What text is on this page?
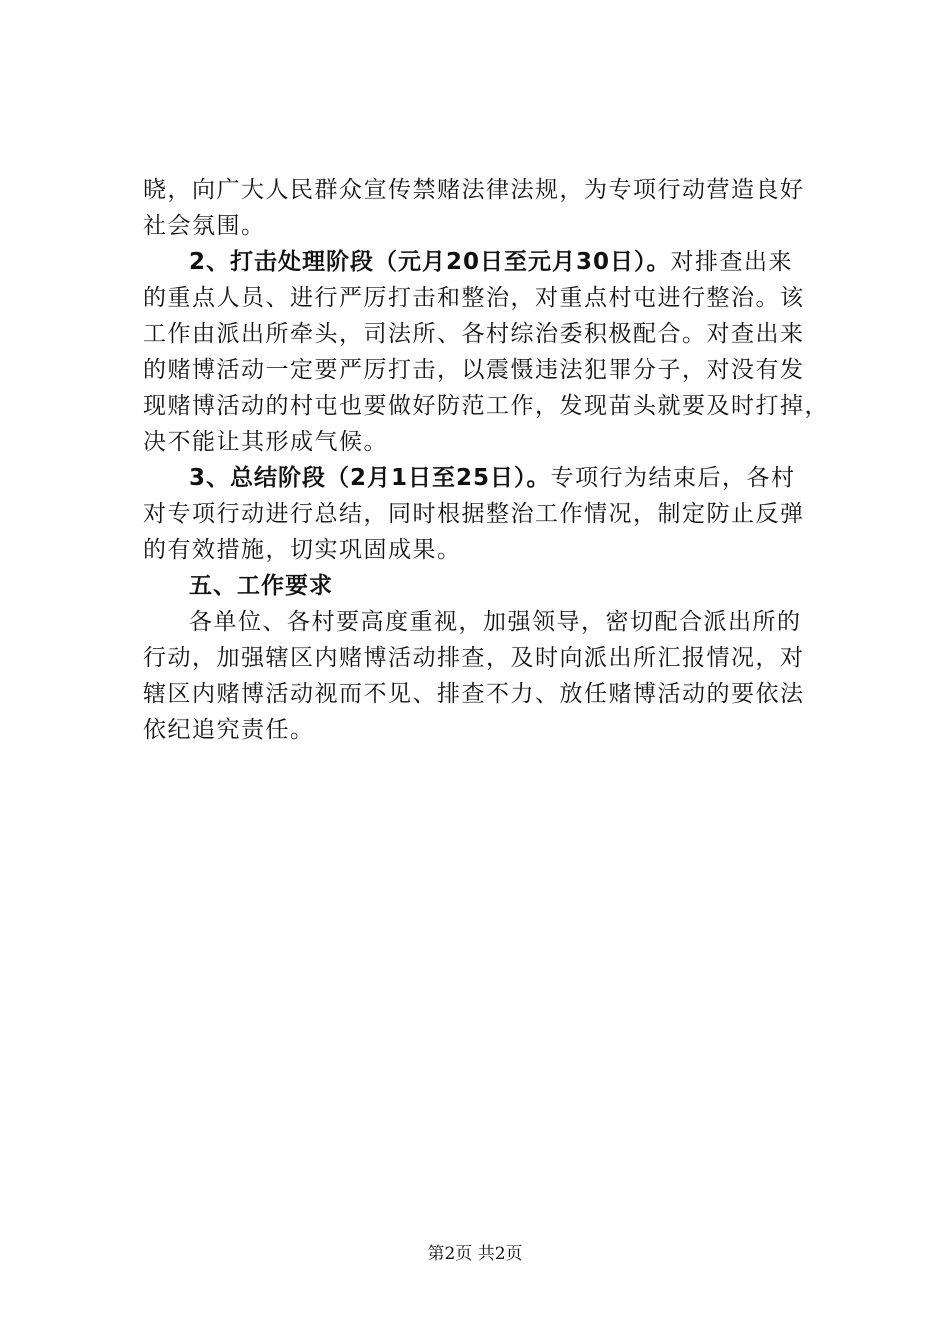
晓，向广大人民群众宣传禁赌法律法规，为专项行动营造良好
社会氛围。
2、打击处理阶段（元月20日至元月30日）。对排查出来
的重点人员、进行严厉打击和整治，对重点村屯进行整治。该
工作由派出所牵头，司法所、各村综治委积极配合。对查出来
的赌博活动一定要严厉打击，以震慑违法犯罪分子，对没有发
现赌博活动的村屯也要做好防范工作，发现苗头就要及时打掉，
决不能让其形成气候。
3、总结阶段（2月1日至25日）。专项行为结束后，各村
对专项行动进行总结，同时根据整治工作情况，制定防止反弹
的有效措施，切实巩固成果。
五、工作要求
各单位、各村要高度重视，加强领导，密切配合派出所的
行动，加强辖区内赌博活动排查，及时向派出所汇报情况，对
辖区内赌博活动视而不见、排查不力、放任赌博活动的要依法
依纪追究责任。
第2页 共2页
